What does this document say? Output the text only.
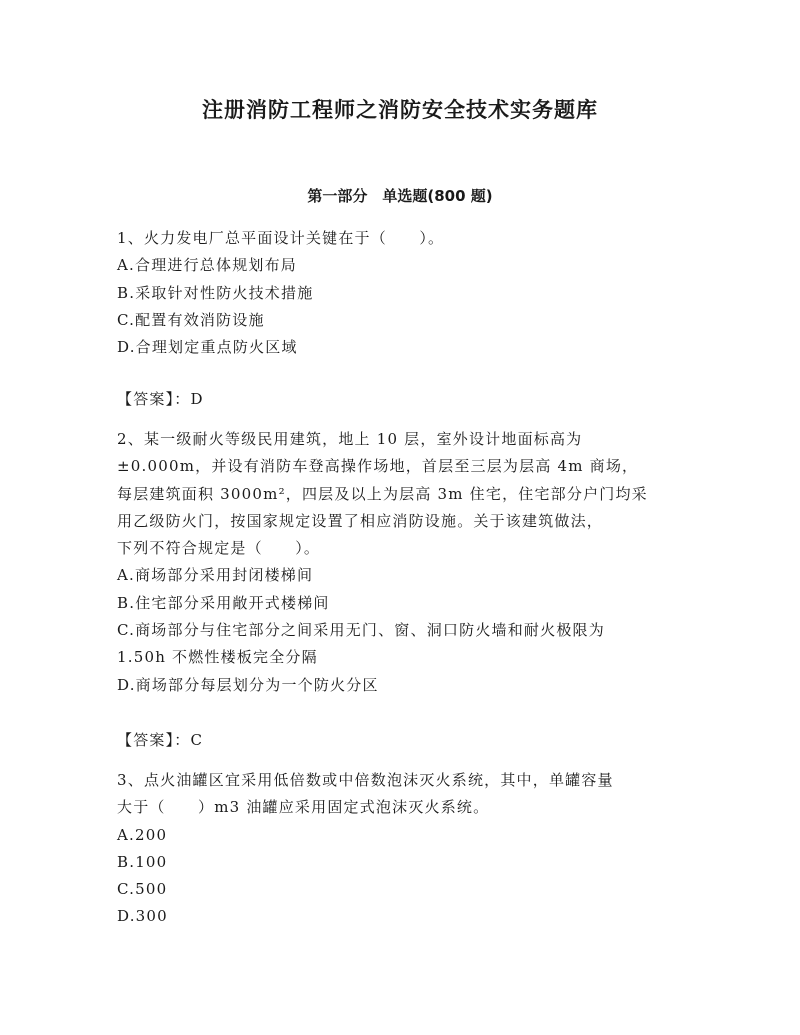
注册消防工程师之消防安全技术实务题库
第一部分　单选题(800 题)
1、火力发电厂总平面设计关键在于（　　）。
A.合理进行总体规划布局
B.采取针对性防火技术措施
C.配置有效消防设施
D.合理划定重点防火区域
【答案】：D
2、某一级耐火等级民用建筑，地上 10 层，室外设计地面标高为
±0.000m，并设有消防车登高操作场地，首层至三层为层高 4m 商场，
每层建筑面积 3000m²，四层及以上为层高 3m 住宅，住宅部分户门均采
用乙级防火门，按国家规定设置了相应消防设施。关于该建筑做法，
下列不符合规定是（　　）。
A.商场部分采用封闭楼梯间
B.住宅部分采用敞开式楼梯间
C.商场部分与住宅部分之间采用无门、窗、洞口防火墙和耐火极限为
1.50h 不燃性楼板完全分隔
D.商场部分每层划分为一个防火分区
【答案】：C
3、点火油罐区宜采用低倍数或中倍数泡沫灭火系统，其中，单罐容量
大于（　　）m3 油罐应采用固定式泡沫灭火系统。
A.200
B.100
C.500
D.300
